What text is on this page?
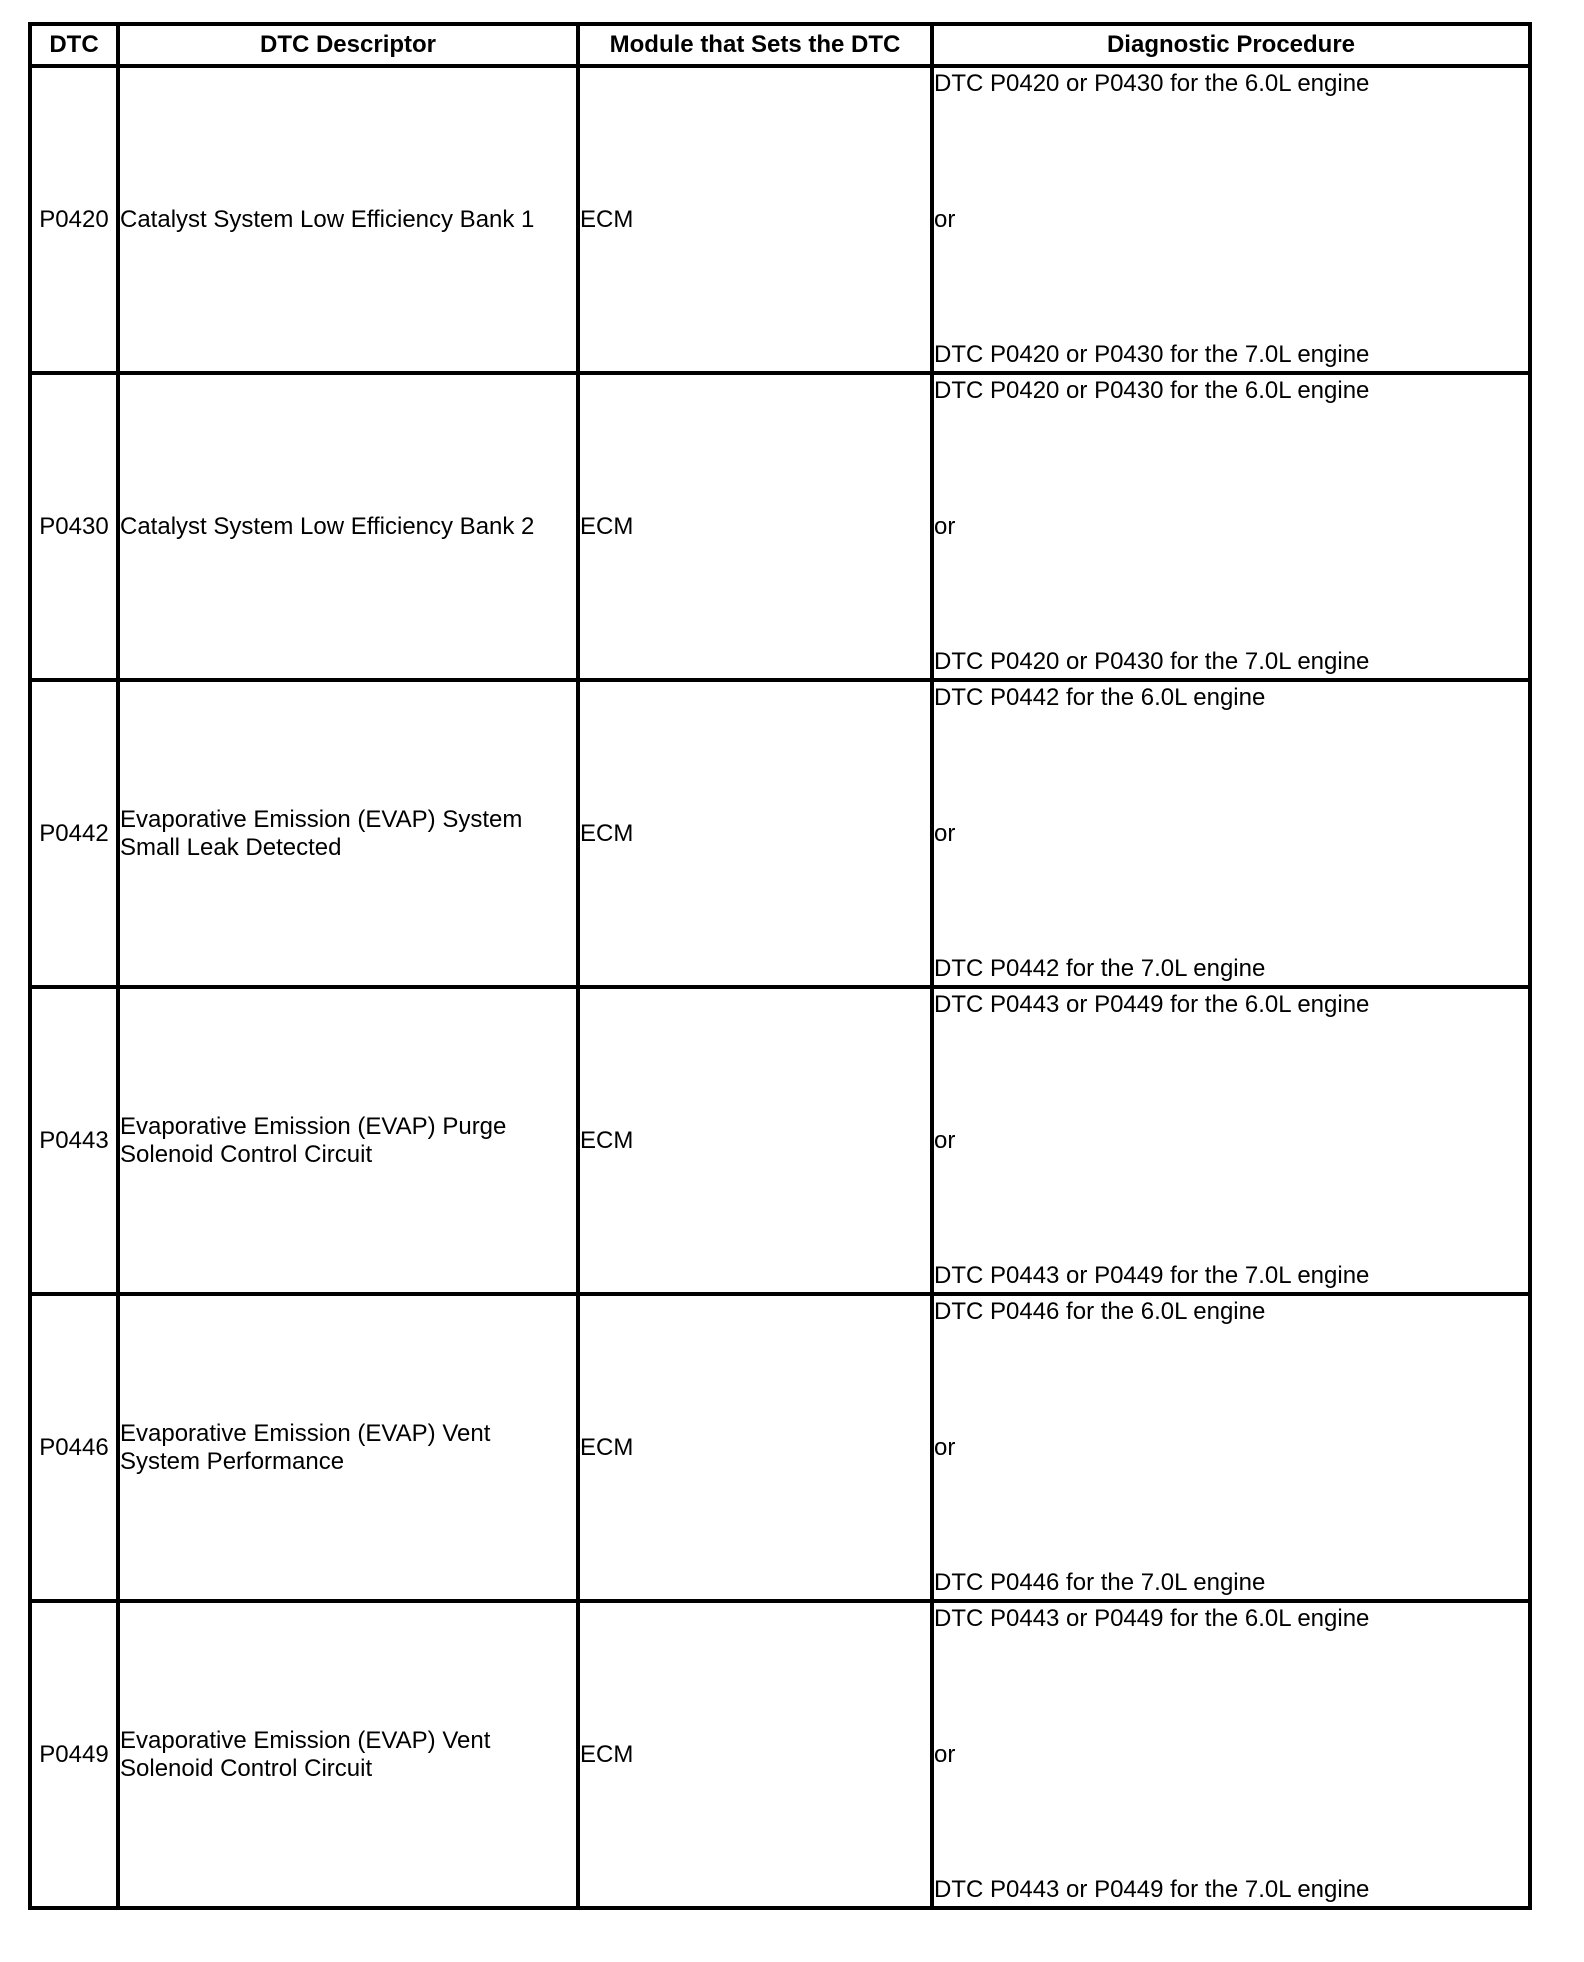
DTC	DTC Descriptor	Module that Sets the DTC	Diagnostic Procedure
P0420	Catalyst System Low Efficiency Bank 1	ECM	DTC P0420 or P0430 for the 6.0L engine
or
DTC P0420 or P0430 for the 7.0L engine

P0430	Catalyst System Low Efficiency Bank 2	ECM	DTC P0420 or P0430 for the 6.0L engine
or
DTC P0420 or P0430 for the 7.0L engine

P0442	Evaporative Emission (EVAP) System Small Leak Detected	ECM	DTC P0442 for the 6.0L engine
or
DTC P0442 for the 7.0L engine

P0443	Evaporative Emission (EVAP) Purge Solenoid Control Circuit	ECM	DTC P0443 or P0449 for the 6.0L engine
or
DTC P0443 or P0449 for the 7.0L engine

P0446	Evaporative Emission (EVAP) Vent System Performance	ECM	DTC P0446 for the 6.0L engine
or
DTC P0446 for the 7.0L engine

P0449	Evaporative Emission (EVAP) Vent Solenoid Control Circuit	ECM	DTC P0443 or P0449 for the 6.0L engine
or
DTC P0443 or P0449 for the 7.0L engine
